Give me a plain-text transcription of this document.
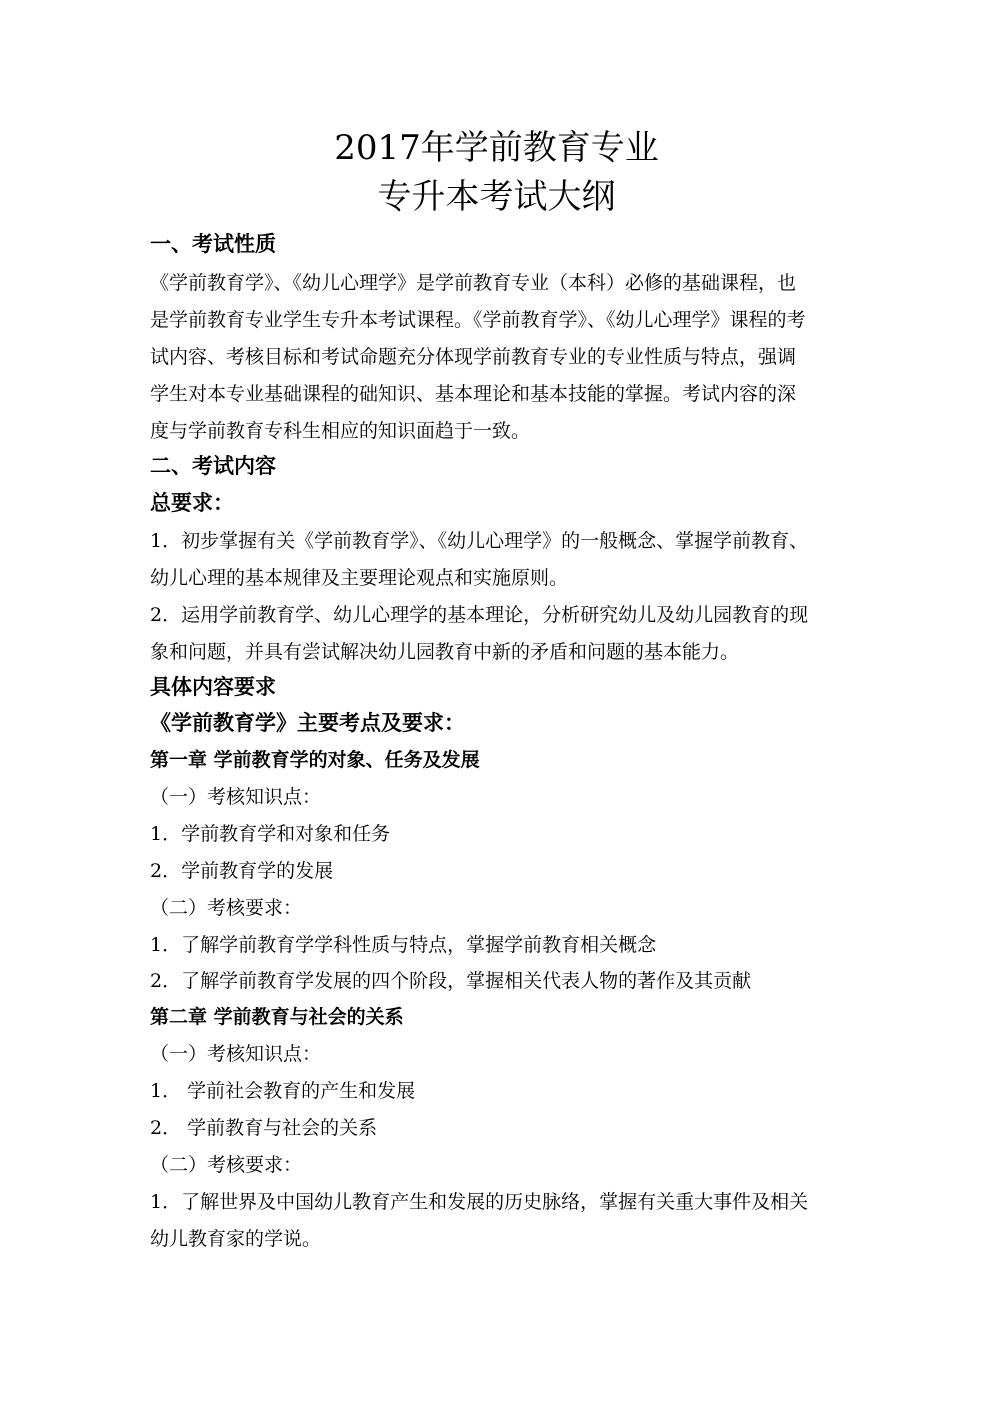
2017年学前教育专业
专升本考试大纲
一、考试性质
《学前教育学》、《幼儿心理学》是学前教育专业（本科）必修的基础课程，也
是学前教育专业学生专升本考试课程。《学前教育学》、《幼儿心理学》课程的考
试内容、考核目标和考试命题充分体现学前教育专业的专业性质与特点，强调
学生对本专业基础课程的础知识、基本理论和基本技能的掌握。考试内容的深
度与学前教育专科生相应的知识面趋于一致。
二、考试内容
总要求：
1．初步掌握有关《学前教育学》、《幼儿心理学》的一般概念、掌握学前教育、
幼儿心理的基本规律及主要理论观点和实施原则。
2．运用学前教育学、幼儿心理学的基本理论，分析研究幼儿及幼儿园教育的现
象和问题，并具有尝试解决幼儿园教育中新的矛盾和问题的基本能力。
具体内容要求
《学前教育学》主要考点及要求：
第一章 学前教育学的对象、任务及发展
（一）考核知识点：
1．学前教育学和对象和任务
2．学前教育学的发展
（二）考核要求：
1．了解学前教育学学科性质与特点，掌握学前教育相关概念
2．了解学前教育学发展的四个阶段，掌握相关代表人物的著作及其贡献
第二章 学前教育与社会的关系
（一）考核知识点：
1． 学前社会教育的产生和发展
2． 学前教育与社会的关系
（二）考核要求：
1．了解世界及中国幼儿教育产生和发展的历史脉络，掌握有关重大事件及相关
幼儿教育家的学说。
